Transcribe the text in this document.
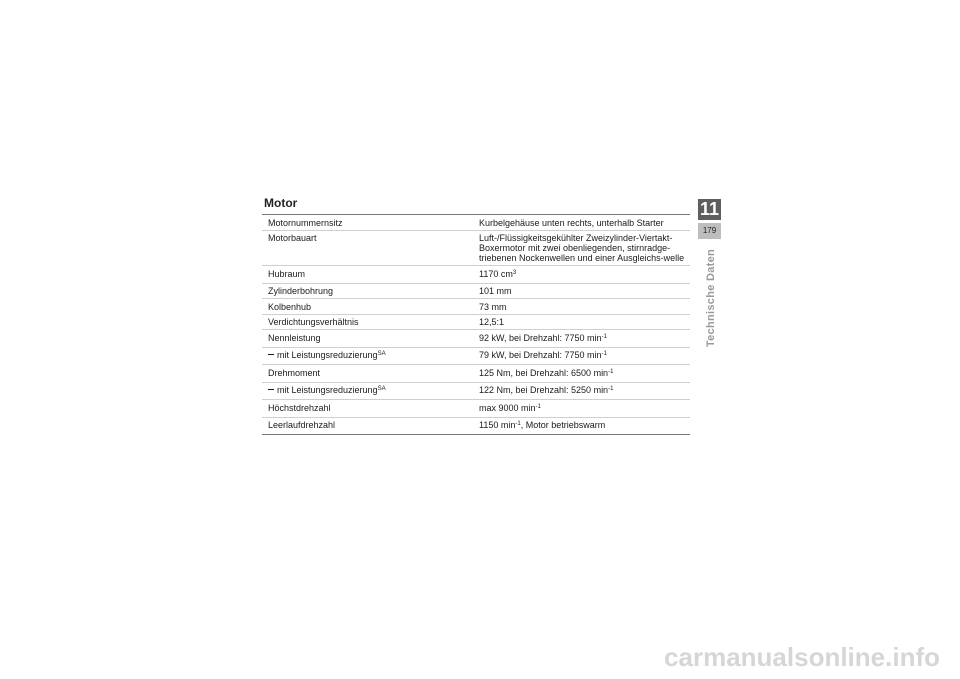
Motor
Motornummernsitz	Kurbelgehäuse unten rechts, unterhalb Starter
Motorbauart	Luft-/Flüssigkeitsgekühlter Zweizylinder-Viertakt-Boxermotor mit zwei obenliegenden, stirnradge-triebenen Nockenwellen und einer Ausgleichs-welle
Hubraum	1170 $cm^3$
Zylinderbohrung	101 mm
Kolbenhub	73 mm
Verdichtungsverhältnis	12,5:1
Nennleistung	92 kW, bei Drehzahl: 7750 $\min^{-1}$
mit Leistungsreduzierung$^{SA}$	79 kW, bei Drehzahl: 7750 $\min^{-1}$
Drehmoment	125 Nm, bei Drehzahl: 6500 $\min^{-1}$
mit Leistungsreduzierung$^{SA}$	122 Nm, bei Drehzahl: 5250 $\min^{-1}$
Höchstdrehzahl	max 9000 $\min^{-1}$
Leerlaufdrehzahl	1150 $\min^{-1}$, Motor betriebswarm
11
179
Technische Daten
carmanualsonline.info
